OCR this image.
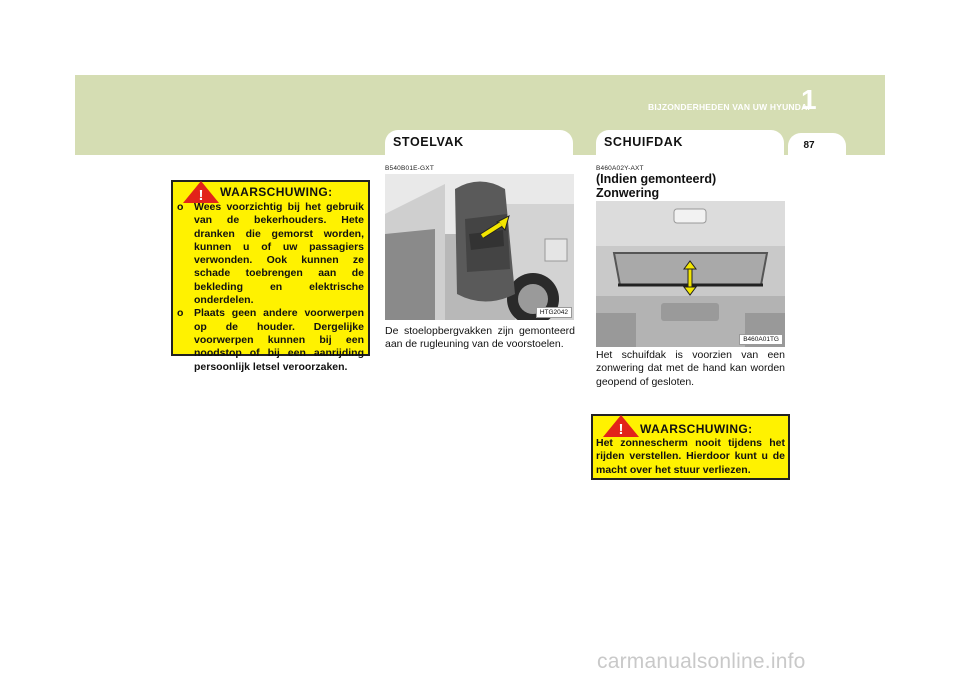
BIJZONDERHEDEN VAN UW HYUNDAI
1
87
STOELVAK	SCHUIFDAK
! WAARSCHUWING:
o Wees voorzichtig bij het gebruik van de bekerhouders. Hete dranken die gemorst worden, kunnen u of uw passagiers verwonden. Ook kunnen ze schade toebrengen aan de bekleding en elektrische onderdelen.
o Plaats geen andere voorwerpen op de houder. Dergelijke voorwerpen kunnen bij een noodstop of bij een aanrijding persoonlijk letsel veroorzaken.
B540B01E-GXT
HTG2042
De stoelopbergvakken zijn gemonteerd aan de rugleuning van de voorstoelen.
B460A02Y-AXT
(Indien gemonteerd)
Zonwering
B460A01TG
Het schuifdak is voorzien van een zonwering dat met de hand kan worden geopend of gesloten.
! WAARSCHUWING:
Het zonnescherm nooit tijdens het rijden verstellen. Hierdoor kunt u de macht over het stuur verliezen.
carmanualsonline.info
